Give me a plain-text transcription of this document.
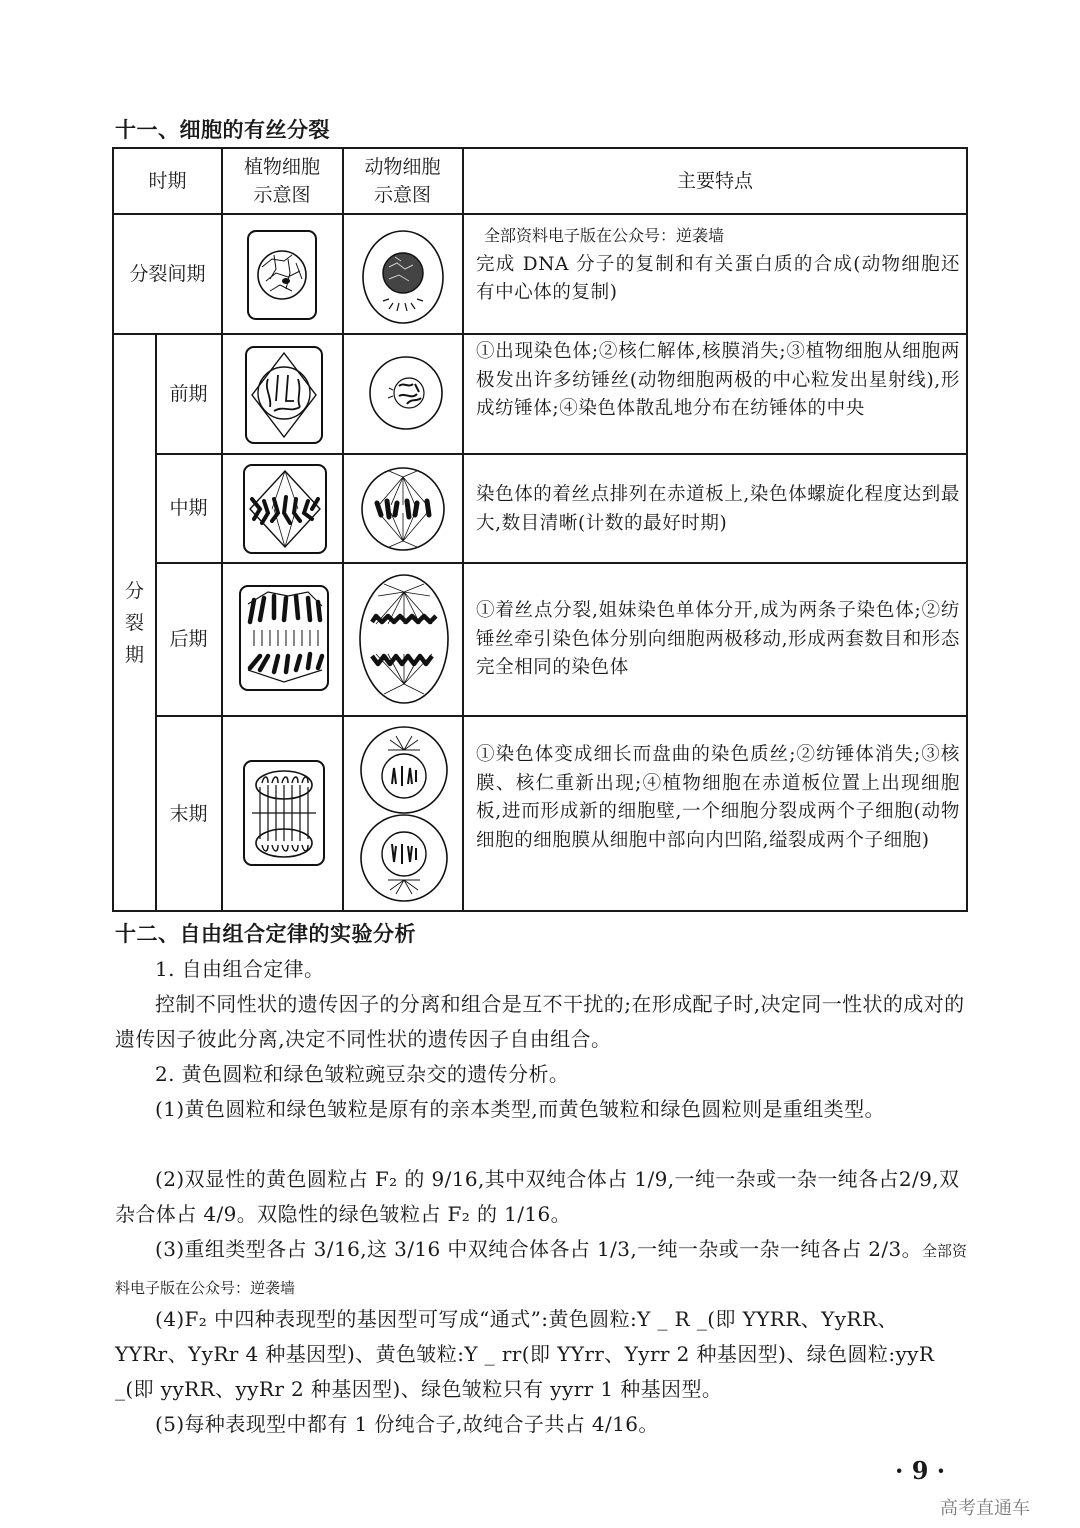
十一、细胞的有丝分裂
时期
植物细胞
示意图
动物细胞
示意图
主要特点
分裂间期
全部资料电子版在公众号：逆袭墙
完成 DNA 分子的复制和有关蛋白质的合成(动物细胞还有中心体的复制)
分
裂
期
前期
①出现染色体;②核仁解体,核膜消失;③植物细胞从细胞两极发出许多纺锤丝(动物细胞两极的中心粒发出星射线),形成纺锤体;④染色体散乱地分布在纺锤体的中央
中期
染色体的着丝点排列在赤道板上,染色体螺旋化程度达到最大,数目清晰(计数的最好时期)
后期
①着丝点分裂,姐妹染色单体分开,成为两条子染色体;②纺锤丝牵引染色体分别向细胞两极移动,形成两套数目和形态完全相同的染色体
末期
①染色体变成细长而盘曲的染色质丝;②纺锤体消失;③核膜、核仁重新出现;④植物细胞在赤道板位置上出现细胞板,进而形成新的细胞壁,一个细胞分裂成两个子细胞(动物细胞的细胞膜从细胞中部向内凹陷,缢裂成两个子细胞)
十二、自由组合定律的实验分析
1. 自由组合定律。
控制不同性状的遗传因子的分离和组合是互不干扰的;在形成配子时,决定同一性状的成对的遗传因子彼此分离,决定不同性状的遗传因子自由组合。
2. 黄色圆粒和绿色皱粒豌豆杂交的遗传分析。
(1)黄色圆粒和绿色皱粒是原有的亲本类型,而黄色皱粒和绿色圆粒则是重组类型。
(2)双显性的黄色圆粒占 F₂ 的 9/16,其中双纯合体占 1/9,一纯一杂或一杂一纯各占2/9,双杂合体占 4/9。双隐性的绿色皱粒占 F₂ 的 1/16。
(3)重组类型各占 3/16,这 3/16 中双纯合体各占 1/3,一纯一杂或一杂一纯各占 2/3。全部资料电子版在公众号：逆袭墙
(4)F₂ 中四种表现型的基因型可写成“通式”:黄色圆粒:Y _ R _(即 YYRR、YyRR、YYRr、YyRr 4 种基因型)、黄色皱粒:Y _ rr(即 YYrr、Yyrr 2 种基因型)、绿色圆粒:yyR _(即 yyRR、yyRr 2 种基因型)、绿色皱粒只有 yyrr 1 种基因型。
(5)每种表现型中都有 1 份纯合子,故纯合子共占 4/16。
· 9 ·
高考直通车
